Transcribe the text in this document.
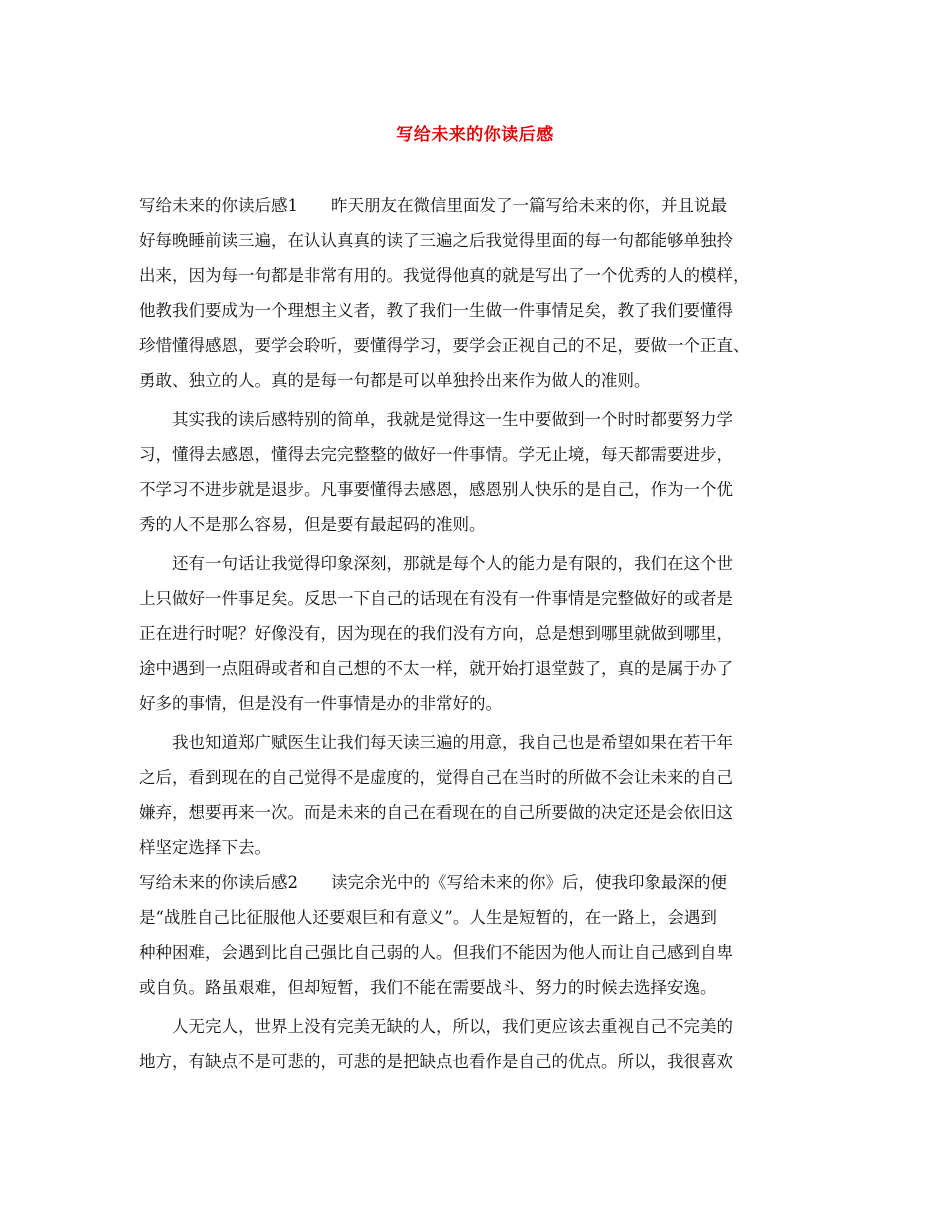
写给未来的你读后感
写给未来的你读后感1 昨天朋友在微信里面发了一篇写给未来的你，并且说最
好每晚睡前读三遍，在认认真真的读了三遍之后我觉得里面的每一句都能够单独拎
出来，因为每一句都是非常有用的。我觉得他真的就是写出了一个优秀的人的模样，
他教我们要成为一个理想主义者，教了我们一生做一件事情足矣，教了我们要懂得
珍惜懂得感恩，要学会聆听，要懂得学习，要学会正视自己的不足，要做一个正直、
勇敢、独立的人。真的是每一句都是可以单独拎出来作为做人的准则。
其实我的读后感特别的简单，我就是觉得这一生中要做到一个时时都要努力学
习，懂得去感恩，懂得去完完整整的做好一件事情。学无止境，每天都需要进步，
不学习不进步就是退步。凡事要懂得去感恩，感恩别人快乐的是自己，作为一个优
秀的人不是那么容易，但是要有最起码的准则。
还有一句话让我觉得印象深刻，那就是每个人的能力是有限的，我们在这个世
上只做好一件事足矣。反思一下自己的话现在有没有一件事情是完整做好的或者是
正在进行时呢？好像没有，因为现在的我们没有方向，总是想到哪里就做到哪里，
途中遇到一点阻碍或者和自己想的不太一样，就开始打退堂鼓了，真的是属于办了
好多的事情，但是没有一件事情是办的非常好的。
我也知道郑广赋医生让我们每天读三遍的用意，我自己也是希望如果在若干年
之后，看到现在的自己觉得不是虚度的，觉得自己在当时的所做不会让未来的自己
嫌弃，想要再来一次。而是未来的自己在看现在的自己所要做的决定还是会依旧这
样坚定选择下去。
写给未来的你读后感2 读完余光中的《写给未来的你》后，使我印象最深的便
是“战胜自己比征服他人还要艰巨和有意义”。人生是短暂的，在一路上，会遇到
种种困难，会遇到比自己强比自己弱的人。但我们不能因为他人而让自己感到自卑
或自负。路虽艰难，但却短暂，我们不能在需要战斗、努力的时候去选择安逸。
人无完人，世界上没有完美无缺的人，所以，我们更应该去重视自己不完美的
地方，有缺点不是可悲的，可悲的是把缺点也看作是自己的优点。所以，我很喜欢
